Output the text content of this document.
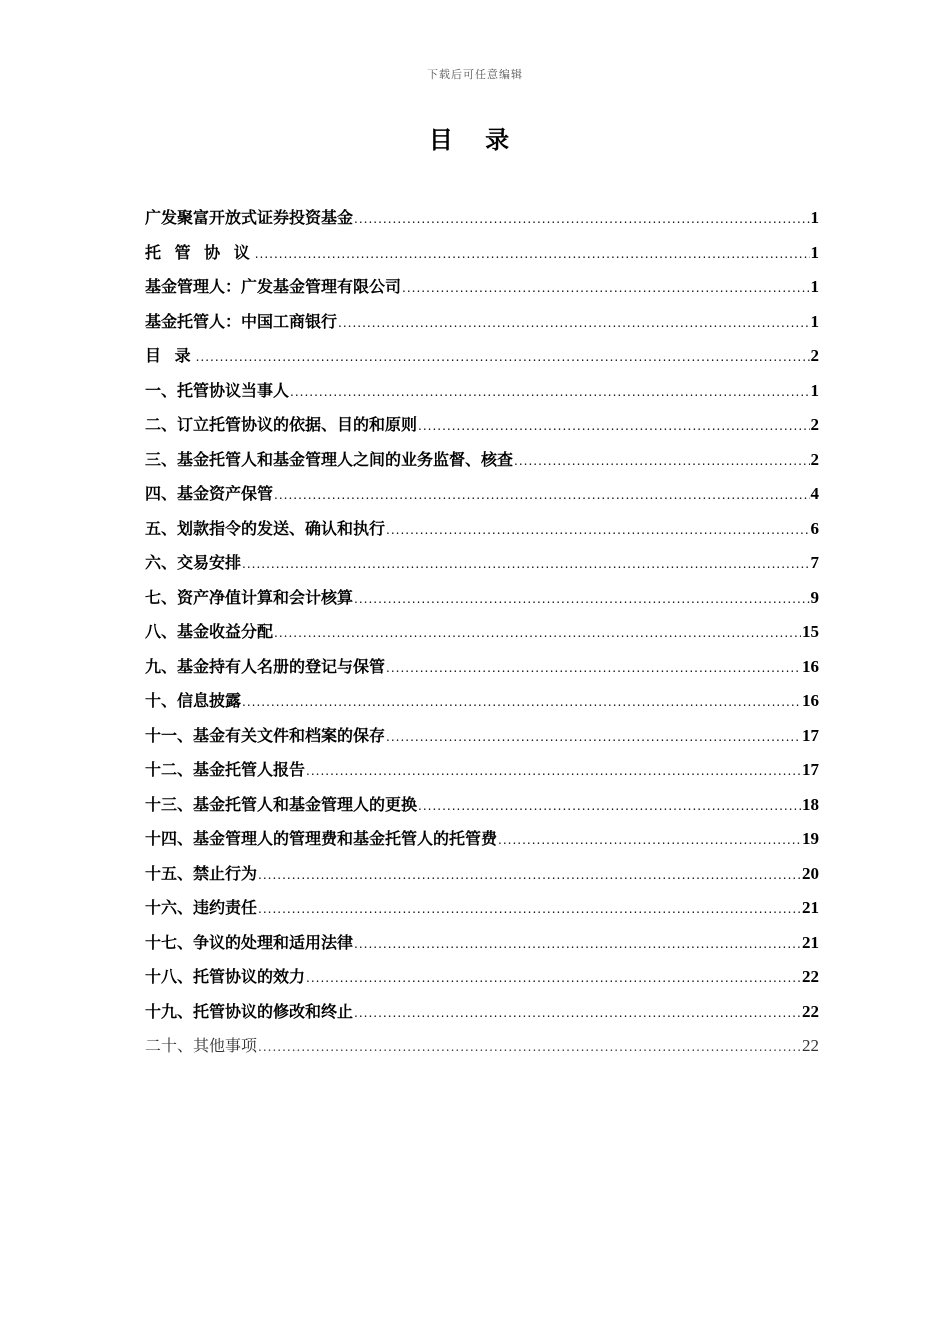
下载后可任意编辑
目 录
广发聚富开放式证券投资基金 .....	1
托 管 协 议 .....	1
基金管理人：广发基金管理有限公司 .....	1
基金托管人：中国工商银行 .....	1
目 录 .....	2
一、托管协议当事人 .....	1
二、订立托管协议的依据、目的和原则 .....	2
三、基金托管人和基金管理人之间的业务监督、核查 .....	2
四、基金资产保管 .....	4
五、划款指令的发送、确认和执行 .....	6
六、交易安排 .....	7
七、资产净值计算和会计核算 .....	9
八、基金收益分配 .....	15
九、基金持有人名册的登记与保管 .....	16
十、信息披露 .....	16
十一、基金有关文件和档案的保存 .....	17
十二、基金托管人报告 .....	17
十三、基金托管人和基金管理人的更换 .....	18
十四、基金管理人的管理费和基金托管人的托管费 .....	19
十五、禁止行为 .....	20
十六、违约责任 .....	21
十七、争议的处理和适用法律 .....	21
十八、托管协议的效力 .....	22
十九、托管协议的修改和终止 .....	22
二十、其他事项 .....	22
